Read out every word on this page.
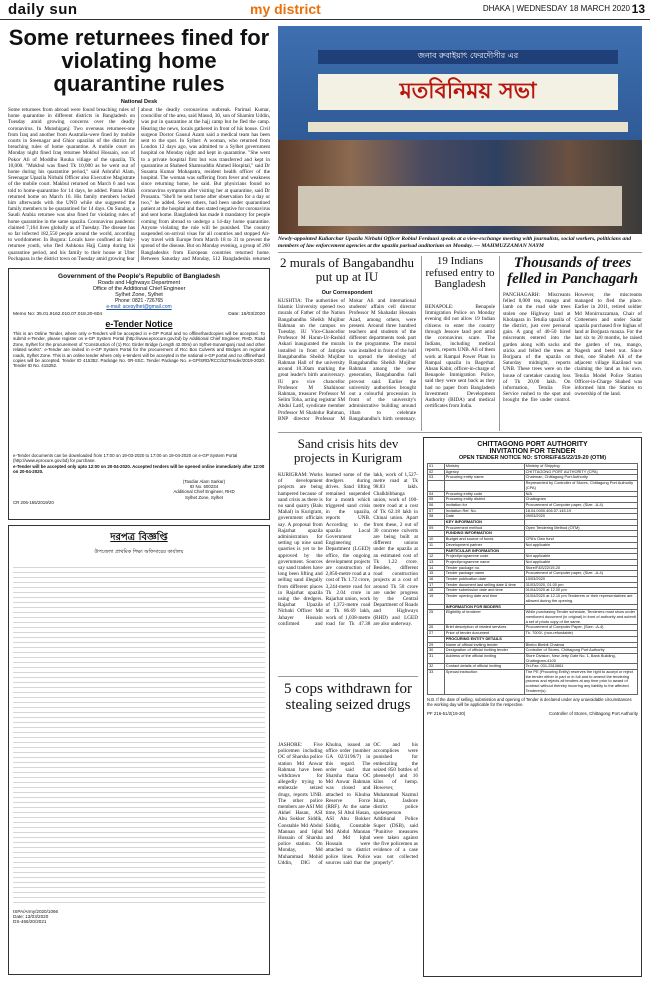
daily sun	my district	DHAKA | WEDNESDAY 18 MARCH 2020 13
Some returnees fined for violating home quarantine rules
National Desk
Some returnees from abroad were found breaching rules of home quarantine in different districts in Bangladesh on Tuesday amid growing concerns over the deadly coronavirus. In Munshiganj: Two overseas returnees-one from Iraq and another from Australia-were fined by mobile courts in Sreenagar and Ghior upazilas of the district for breaching rules of home quarantine. A mobile court on Monday night fined Iraq returnee Mokbul Hossain, son of Pokor Ali of Moddho Rouha village of the upazila, Tk 10,000. "Mokbul was fined Tk 10,000 as he went out of home during his quarantine period," said Ashraful Alam, Sreenagar Upazila Nirbahi Officer also Executive Magistrate of the mobile court. Makbul returned on March 6 and was told to home-quarantine for 14 days, he added. Panna Miah returned home on March 16. His family members locked him afterwards with the UNO while she suggested the family members to be quarantined for 14 days. On Sunday, a Saudi Arabia returnee was also fined for violating rules of home quarantine in the same upazila. Coronavirus pandemic claimed 7,164 lives globally as of Tuesday. The disease has so far infected 182,550 people around the world, according to worldometer. In Bogura: Locals have confined an Italy-returnee youth, who fled Ashkona Hajj Camp during his quarantine period, and his family to their house at Ulter Pochapara in the district town on Tuesday amid growing fear
about the deadly coronavirus outbreak. Parimal Kumar, councillor of the area, said Masud, 30, son of Shamim Uddin, was put in quarantine at the hajj camp but he fled the camp. Hearing the news, locals gathered in front of his house. Civil surgeon Doctor Gausul Azam said a medical team has been sent to the spot. In Sylhet: A woman, who returned from London 12 days ago, was admitted to a Sylhet government hospital on Monday night and kept in quarantine. "She went to a private hospital first but was transferred and kept in quarantine at Shaheed Shamsuddin Ahmed Hospital," said Dr Susanta Kumar Mohapatra, resident health officer of the hospital. The woman was suffering from fever and weakness since returning home, he said. But physicians found no coronavirus symptom after visiting her at quarantine, said Dr Prosanta. "She'll be sent home after observation for a day or two," he added. Seven others, had been under quarantined patient at the hospital and then stated negative for coronavirus and sent home. Bangladesh has made it mandatory for people coming from abroad to undergo a 14-day home quarantine. Anyone violating the rule will be punished. The country suspended on-arrival visas for all countries and stopped Air-way travel with Europe from March 18 to 31 to prevent the spread of the disease. But on Monday evening, a group of 260 Bangladeshis from European countries returned home. Between Saturday and Monday, 512 Bangladeshis returned
Government of the People's Republic of Bangladesh
Roads and Highways Department
Office of the Additional Chief Engineer
Sylhet Zone, Sylhet
Phone: 0821 -726765
e-mail: acesylhet@gmail.com
Memo No: 35.01.9162.010.07.018.20-604	Date: 16/03/2020
e-Tender Notice
This is an Online Tender, where only e-Tenders will be accepted in e-GP Portal and no offline/hardcopies will be accepted. To submit e-Tender, please register on e-GP System Portal (http://www.eprocure.gov.bd) by Additional Chief Engineer, RHD, Road Zone, Sylhet for the procurement of "Construction of (1) Rcc Girder Bridge (Length 42.00m) on Sylhet-Sunamganj road and other related works". e-Tender are invited in e-GP System Portal for the procurement of Rcc Box Culverts and Bridges on regional roads, Sylhet Zone. This is an online tender where only e-tenders will be accepted in the national e-GP portal and no offline/hard copies will be accepted. Tender ID 415352. Package No. 0R-SSC. Tender Package No. e-GP/SRD/RCC/SZ/Tender/2019-2020. Tender ID No. 415352.
e-Tender documents can be downloaded from 17:00 on 19-03-2020 to 17:00 on 19-04-2020 on e-GP System Portal (http://www.eprocure.gov.bd) for purchase.
e-Tender will be accepted only upto 12:00 on 20-04-2020. Accepted tenders will be opened online immediately after 12:00 on 20-04-2020.
(Tasdiar Alam Sarkar)
ID No. 600234
Additional Chief Engineer, RHD
Sylhet Zone, Sylhet
CR 206-165/2019/20
দরপত্র বিজ্ঞপ্তি
উপজেলা প্রাথমিক শিক্ষা অফিসারের কার্যালয়
ISPA/Army/2020/1066
Date: 13/03/2020
DS-466/20/2021
জনাব রুবাইয়াৎ ফেরদৌসীর এর
মতবিনিময় সভা
Newly-appointed Kuliarchar Upazila Nirbahi Officer Robiul Ferdausi speaks at a view-exchange meeting with journalists, social workers, politicians and members of law enforcement agencies at the upazila parisad auditorium on Monday. — MAHMUZZAMAN NAYM
2 murals of Bangabandhu put up at IU
Our Correspondent
KUSHTIA: The authorities of Islamic University opened two murals of Father of the Nation Bangabandhu Sheikh Mujibur Rahman on the campus on Tuesday. IU Vice-Chancellor Professor M Harun-Ur-Rashid Askari inaugurated the murals installed in front of Jatirpita Bangabandhu Sheikh Mujibur Rahman Hall of the university around 10.30am marking the great leader's birth anniversary. IU pro vice chancellor Professor M Shahinoor Rahman, treasurer Professor M Selim Toha, acting registrar SM Abdul Latif, syndicate member Professor M Shahidur Rahman, BNP director Professor M Mokar Ali and international students' affairs cell director Professor M Shahadat Hossain Azad, among others, were present. Around three hundred teachers and students of the different departments took part in the programme. The mural was installed in front of the hall to spread the ideology of Bangabandhu Sheikh Mujibur Rahman among the new generation, Bangabandhu hall provost said. Earlier the university authorities brought out a colourful procession in front of the university's administrative building around 10am to celebrate Bangabandhu's birth centenary.
19 Indians refused entry to Bangladesh
BENAPOLE: Benapole Immigration Police on Monday evening did not allow 19 Indian citizens to enter the country through Jessore land port amid the coronavirus scare. The Indians, including medical reports, reports UNB. All of them work at Rampal Power Plant in Rampal upazila in Bagerhat. Ahsan Kabir, officer-in-charge of Benapole Immigration Police, said they were sent back as they had no paper from Bangladesh Investment Development Authority (BIDA) and medical certificates from India.
Thousands of trees felled in Panchagarh
PANCHAGARH: Miscreants felled 8,000 tea, mango and lamb on the road side trees stolen one Highway land at Kholapara in Tetulia upazila of the district, just over personal gain. A gang of 40-50 hired miscreants entered into the garden along with sacks and sticks and felled the trees at Borjpara of the upazila on Saturday midnight, reports UNB. These trees were on the house of caretaker causing loss of Tk 20,00 lakh. On information, Tetulia Fire Service rushed to the spot and brought the fire under control. However, the miscreants managed to fled the place. Earlier in 2011, retired soldier Md Monirruzzaman, Chair of Cotteemen and under Sadar upazila purchased five bighas of land at Borjpara mauza. For the last six to 20 months, he raised the garden of tea, mango, Nagesh and betel nut. Since then, one Shaheb Ali of the adjacent village Kaziland was claiming the land as his own. Tetulia Model Police Station Officer-in-Charge Shahed was informed him the Station to ownership of the land.
Sand crisis hits dev projects in Kurigram
KURIGRAM: Works of development projects are being hampered because of sand crisis as there is no sand quarry (Balu Mahal) in Kurigram, government officials say. A proposal from Rajarhat upazila administration for setting up nine sand quarries is yet to be approved by the government. Sources say sand traders have long been lifting and selling sand illegally from different places in Rajarhat upazila using the dredgers. Rajarhat Upazila Nirbahi Officer Md Jahayer Hossain confirmed and learned some of the dredgers during drives. Sand lifting remained suspended for a month which triggered sand crisis in the upazila, reports UNB. According to the upazila Local Government Engineering Department (LGED) office, the ongoing development projects are construction of 2,850-metre road at a cost of Tk 1.72 crore, 3,244-metre road for Tk 2.04 crore in Rajarhat union, work of 1,372-metre road at Tk 86.69 lakh, work of 1,038-metre road for Tk 47.38 lakh, work of 1,527-metre road at Tk 98.83 lakh. Chalkhibhanga union, work of 100-metre road at a cost of Tk 62.18 lakh in Chinai union. Apart from these, 2 out of 30 concrete culverts are being built at different unions under the upazila at an estimated cost of Tk 1.22 crore. Besides, different road construction projects at a cost of around Tk 50 crore are under progress by the Central Department of Roads and Highways (RHD) and LGED are also underway.
5 cops withdrawn for stealing seized drugs
JASHORE: Five policemen including OC of Sharsha police station Md Anwar Rahman have been withdrawn for allegedly trying to embezzle seized drugs, reports UNB. The other police members are ASI Md Akhel Hasan, ASI Abu Sokker Siddik, Constable Md Abdul Mannan and Iqbal Hossain of Sharsha police station. On Monday, Md Muhammad Mohid Uddin, DIG of Khulna, issued an office order (number GA 02/3196/7) in this regard. The order said that Sharsha thana OC Md Anwar Rahman was closed and attached to Khulna Reserve Force (RRF). At the same time, SI Abul Hasan, ASI Abu Bokker Siddiq, Constable Md Abdul Mannan and Md Iqbal Hossain were attached to district police lines. Police sources said that the OC and his accomplices were punished for embezzling the seized 850 bottles of phensedyl and 16 kilos of hemp. However, Muhammad Nazmul Islam, Jashore district police spokesperson Additional Police Super (DSB), said "Punitive measures were taken against the five policemen as evidence of a case was not collected properly".
CHITTAGONG PORT AUTHORITY
INVITATION FOR TENDER
OPEN TENDER NOTICE NO: STORE/F&S/22/19-20 (OTM)
01	Ministry	Ministry of Shipping
02	Agency	CHITTAGONG PORT AUTHORITY (CPA)
03	Procuring entity name	Chairman, Chittagong Port Authority
		Represented by Controller of Stores, Chittagong Port Authority (CPA)
04	Procuring entity code	N/A
05	Procuring entity district	Chattogram
06	Invitation for	Procurement of Computer paper, (Size: -A-4)
07	Invitation Ref. No.	18.04.0000.406.07.145.19
08	Date	09/03/2020
	KEY INFORMATION	
09	Procurement method	Open Tendering Method (OTM)
	FUNDING INFORMATION	
10	Budget and source of funds	CPA's Own fund
11	Development partner	Not applicable
	PARTICULAR INFORMATION	
12	Project/programme code	Not applicable
13	Project/programme name	Not applicable
14	Tender package no.	Store/F&S/22/19-20
15	Tender package name	Procurement of Computer paper, (Size: -A-4)
16	Tender publication date	10/03/2020
17	Tender document last selling date & time	31/03/2020, 01.00 pm
18	Tender submission date and time	01/04/2020 at 12.00 pm
19	Tender opening date and time	01/04/2020 at 12.10 pm Tenderers or their representatives are allowed during the opening.
	INFORMATION FOR BIDDERS	
25	Eligibility of tenderer	While purchasing Tender schedule, Tenderers must show under mentioned document (in original) in front of authority and submit a set of photo copy of the same.
26	Brief description of related services	Procurement of Computer Paper, (Size: -A-4)
27	Price of tender document	Tk. 7000/- (non-refundable)
	PROCURING ENTITY DETAILS	
29	Name of official inviting tender	Bimbo Bimbit Chakma
30	Designation of official inviting tender	Controller of Stores, Chittagong Port Authority
31	Address of the official inviting	Store Division, New Jetty Gate No. 1, Bank Building, Chattogram-4100
32	Contact details of official inviting	Tel-Fax: 031-2510661
33	Special instruction	The PE (Procuring Entity) reserves the right to accept or reject the tender either in part or in full and to amend the tendering process and rejects all tenders at any time prior to award of contract without thereby incurring any liability to the affected Tenderer(s).
N.B. If the date of selling, submission and opening of Tender is declared under any unavoidable circumstances the working day will be applicable for the respective.
PF 216-51/2(19-20)	Controller of Stores, Chittagong Port Authority
